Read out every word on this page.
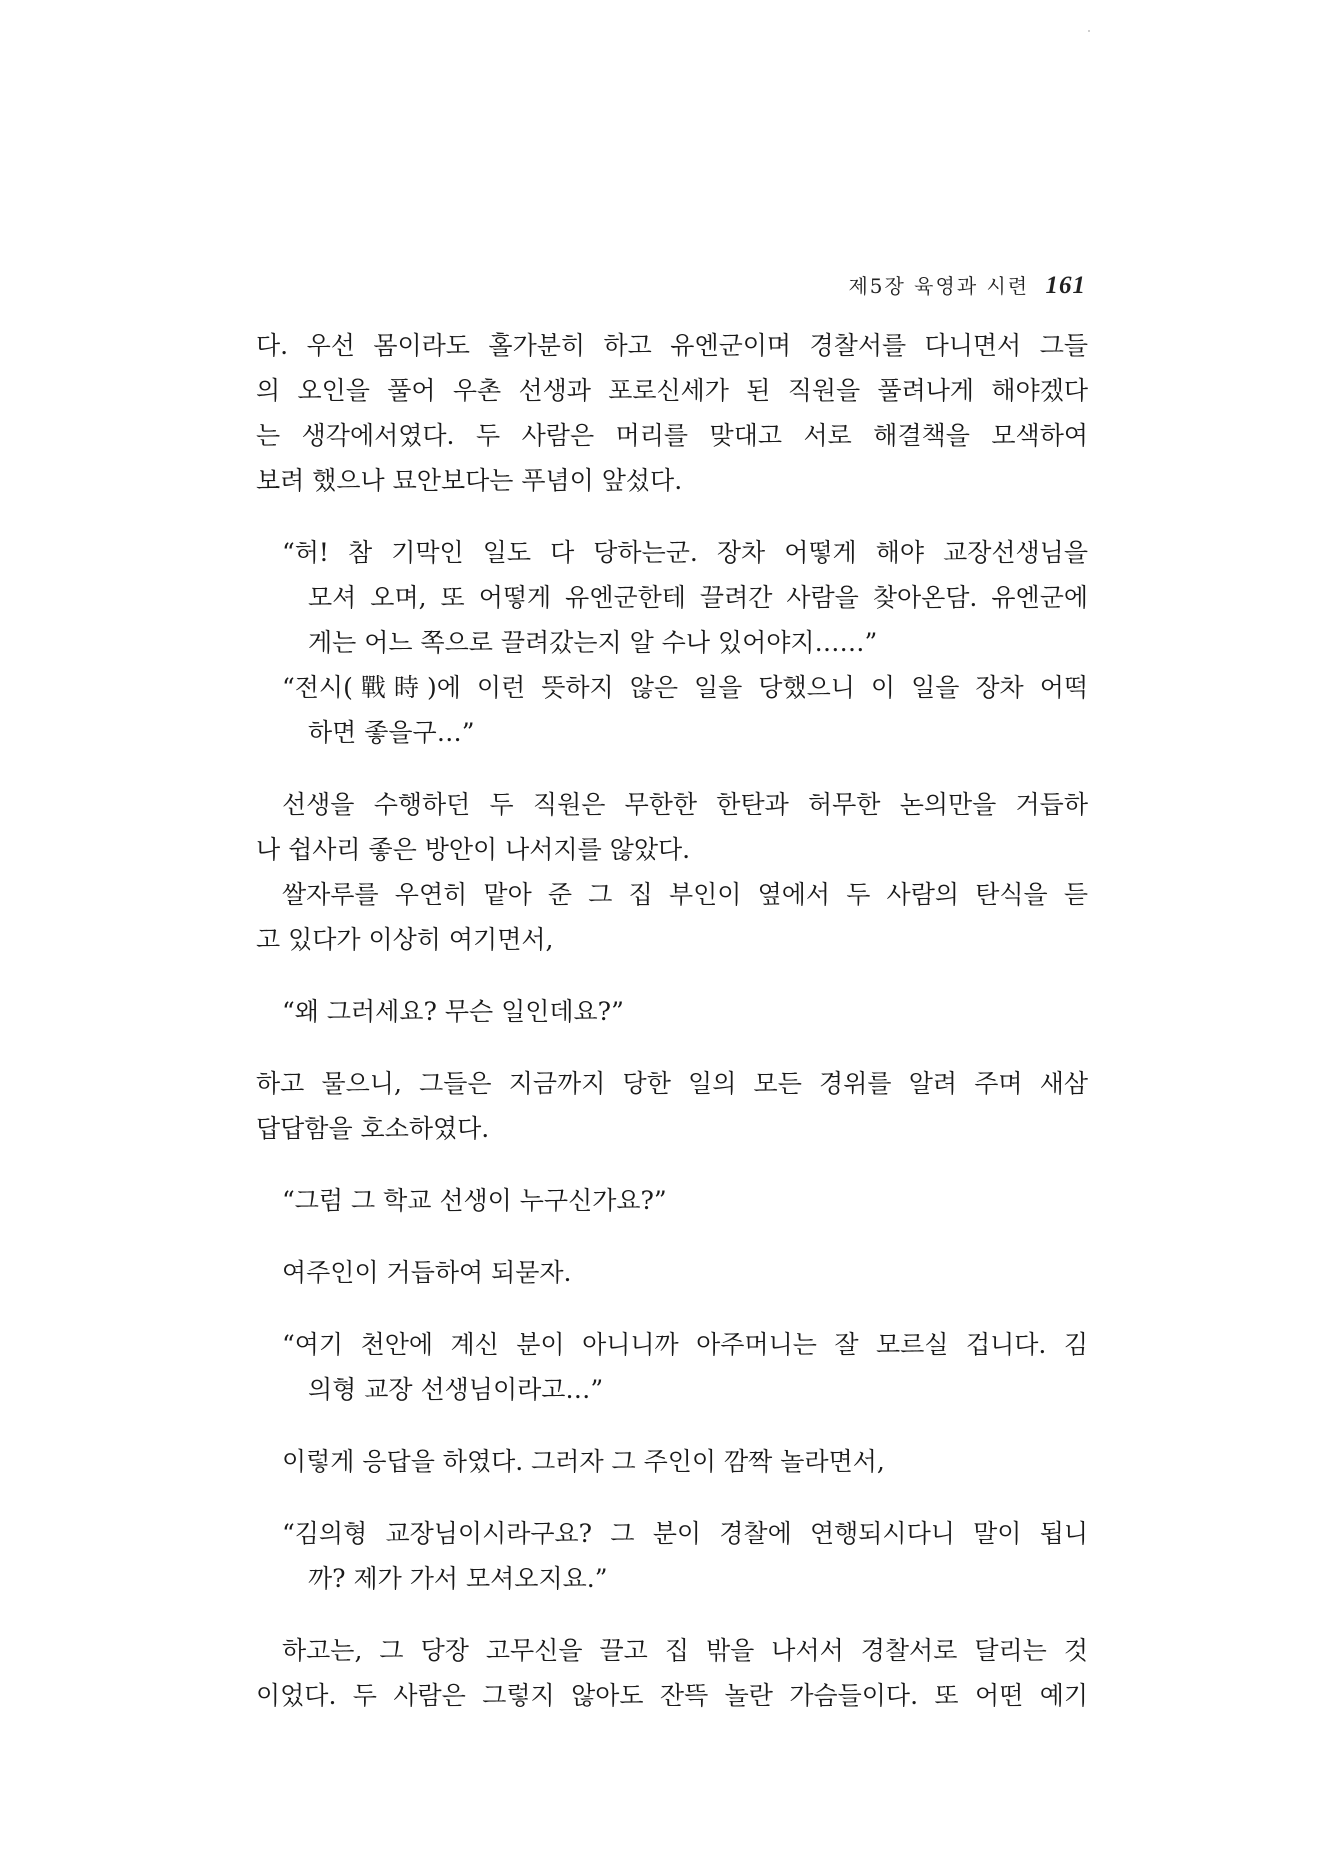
제5장 육영과 시련 161
다. 우선 몸이라도 홀가분히 하고 유엔군이며 경찰서를 다니면서 그들
의 오인을 풀어 우촌 선생과 포로신세가 된 직원을 풀려나게 해야겠다
는 생각에서였다. 두 사람은 머리를 맞대고 서로 해결책을 모색하여
보려 했으나 묘안보다는 푸념이 앞섰다.
“허! 참 기막인 일도 다 당하는군. 장차 어떻게 해야 교장선생님을
모셔 오며, 또 어떻게 유엔군한테 끌려간 사람을 찾아온담. 유엔군에
게는 어느 쪽으로 끌려갔는지 알 수나 있어야지……”
“전시(戰時)에 이런 뜻하지 않은 일을 당했으니 이 일을 장차 어떡
하면 좋을구…”
선생을 수행하던 두 직원은 무한한 한탄과 허무한 논의만을 거듭하
나 쉽사리 좋은 방안이 나서지를 않았다.
쌀자루를 우연히 맡아 준 그 집 부인이 옆에서 두 사람의 탄식을 듣
고 있다가 이상히 여기면서,
“왜 그러세요? 무슨 일인데요?”
하고 물으니, 그들은 지금까지 당한 일의 모든 경위를 알려 주며 새삼
답답함을 호소하였다.
“그럼 그 학교 선생이 누구신가요?”
여주인이 거듭하여 되묻자.
“여기 천안에 계신 분이 아니니까 아주머니는 잘 모르실 겁니다. 김
의형 교장 선생님이라고…”
이렇게 응답을 하였다. 그러자 그 주인이 깜짝 놀라면서,
“김의형 교장님이시라구요? 그 분이 경찰에 연행되시다니 말이 됩니
까? 제가 가서 모셔오지요.”
하고는, 그 당장 고무신을 끌고 집 밖을 나서서 경찰서로 달리는 것
이었다. 두 사람은 그렇지 않아도 잔뜩 놀란 가슴들이다. 또 어떤 예기
